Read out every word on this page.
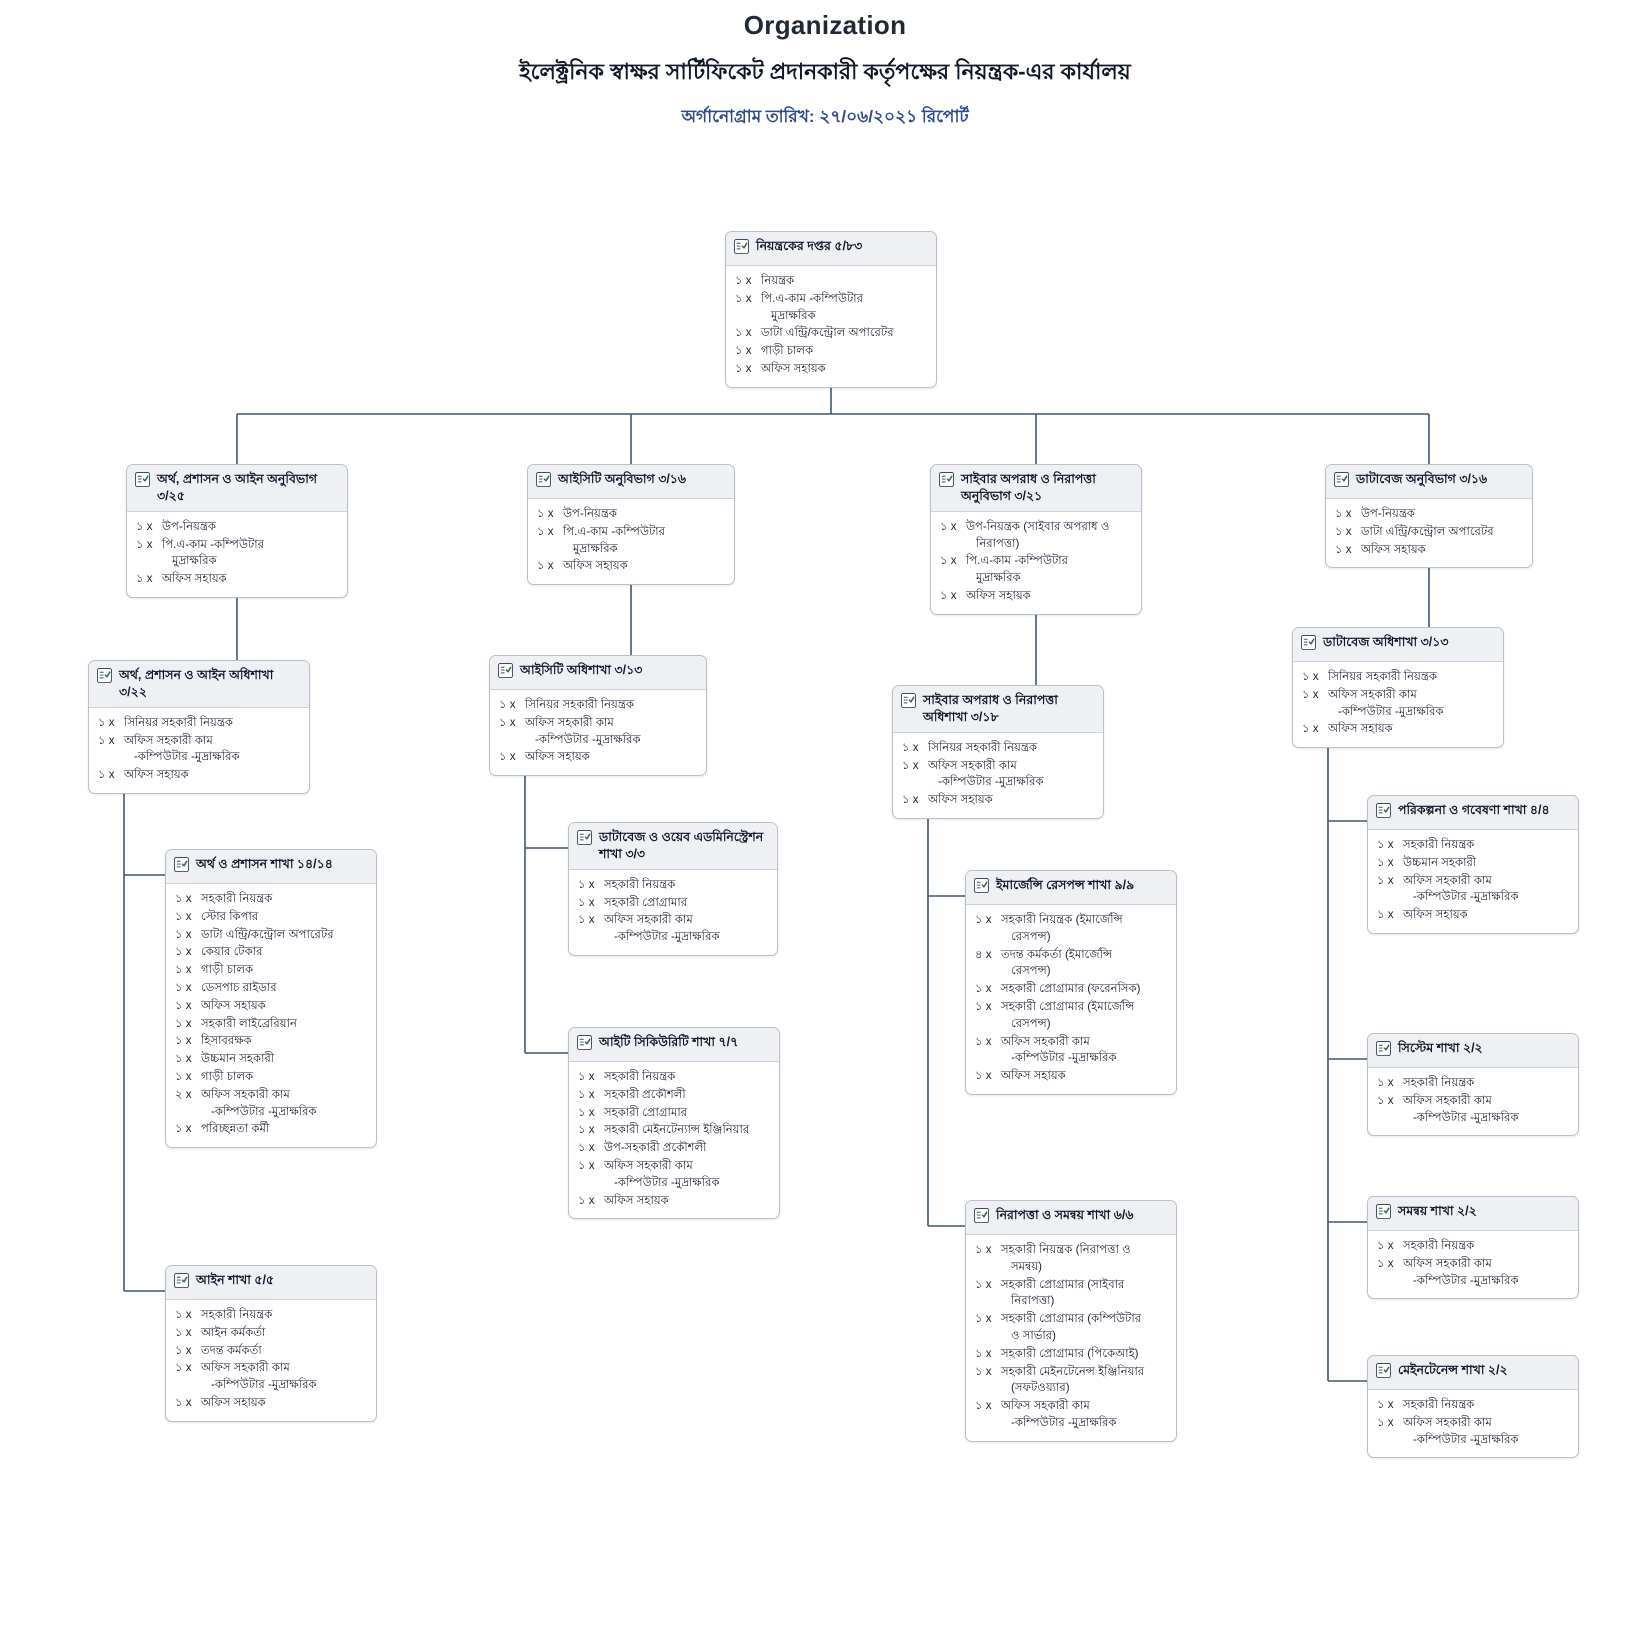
Organization
ইলেক্ট্রনিক স্বাক্ষর সার্টিফিকেট প্রদানকারী কর্তৃপক্ষের নিয়ন্ত্রক-এর কার্যালয়
অর্গানোগ্রাম তারিখ: ২৭/০৬/২০২১ রিপোর্ট
নিয়ন্ত্রকের দপ্তর ৫/৮৩
১ x নিয়ন্ত্রক
১ x পি.এ-কাম -কম্পিউটার
মুদ্রাক্ষরিক
১ x ডাটা এন্ট্রি/কন্ট্রোল অপারেটর
১ x গাড়ী চালক
১ x অফিস সহায়ক
অর্থ, প্রশাসন ও আইন অনুবিভাগ ৩/২৫
১ x উপ-নিয়ন্ত্রক
১ x পি.এ-কাম -কম্পিউটার
মুদ্রাক্ষরিক
১ x অফিস সহায়ক
আইসিটি অনুবিভাগ ৩/১৬
১ x উপ-নিয়ন্ত্রক
১ x পি.এ-কাম -কম্পিউটার
মুদ্রাক্ষরিক
১ x অফিস সহায়ক
সাইবার অপরাধ ও নিরাপত্তা অনুবিভাগ ৩/২১
১ x উপ-নিয়ন্ত্রক (সাইবার অপরাধ ও
নিরাপত্তা)
১ x পি.এ-কাম -কম্পিউটার
মুদ্রাক্ষরিক
১ x অফিস সহায়ক
ডাটাবেজ অনুবিভাগ ৩/১৬
১ x উপ-নিয়ন্ত্রক
১ x ডাটা এন্ট্রি/কন্ট্রোল অপারেটর
১ x অফিস সহায়ক
অর্থ, প্রশাসন ও আইন অধিশাখা ৩/২২
১ x সিনিয়র সহকারী নিয়ন্ত্রক
১ x অফিস সহকারী কাম
-কম্পিউটার -মুদ্রাক্ষরিক
১ x অফিস সহায়ক
আইসিটি অধিশাখা ৩/১৩
১ x সিনিয়র সহকারী নিয়ন্ত্রক
১ x অফিস সহকারী কাম
-কম্পিউটার -মুদ্রাক্ষরিক
১ x অফিস সহায়ক
সাইবার অপরাধ ও নিরাপত্তা অধিশাখা ৩/১৮
১ x সিনিয়র সহকারী নিয়ন্ত্রক
১ x অফিস সহকারী কাম
-কম্পিউটার -মুদ্রাক্ষরিক
১ x অফিস সহায়ক
ডাটাবেজ অধিশাখা ৩/১৩
১ x সিনিয়র সহকারী নিয়ন্ত্রক
১ x অফিস সহকারী কাম
-কম্পিউটার -মুদ্রাক্ষরিক
১ x অফিস সহায়ক
অর্থ ও প্রশাসন শাখা ১৪/১৪
১ x সহকারী নিয়ন্ত্রক
১ x স্টোর কিপার
১ x ডাটা এন্ট্রি/কন্ট্রোল অপারেটর
১ x কেয়ার টেকার
১ x গাড়ী চালক
১ x ডেসপাচ রাইডার
১ x অফিস সহায়ক
১ x সহকারী লাইব্রেরিয়ান
১ x হিসাবরক্ষক
১ x উচ্চমান সহকারী
১ x গাড়ী চালক
২ x অফিস সহকারী কাম
-কম্পিউটার -মুদ্রাক্ষরিক
১ x পরিচ্ছন্নতা কর্মী
আইন শাখা ৫/৫
১ x সহকারী নিয়ন্ত্রক
১ x আইন কর্মকর্তা
১ x তদন্ত কর্মকর্তা
১ x অফিস সহকারী কাম
-কম্পিউটার -মুদ্রাক্ষরিক
১ x অফিস সহায়ক
ডাটাবেজ ও ওয়েব এডমিনিস্ট্রেশন শাখা ৩/৩
১ x সহকারী নিয়ন্ত্রক
১ x সহকারী প্রোগ্রামার
১ x অফিস সহকারী কাম
-কম্পিউটার -মুদ্রাক্ষরিক
আইটি সিকিউরিটি শাখা ৭/৭
১ x সহকারী নিয়ন্ত্রক
১ x সহকারী প্রকৌশলী
১ x সহকারী প্রোগ্রামার
১ x সহকারী মেইনটেন্যান্স ইঞ্জিনিয়ার
১ x উপ-সহকারী প্রকৌশলী
১ x অফিস সহকারী কাম
-কম্পিউটার -মুদ্রাক্ষরিক
১ x অফিস সহায়ক
ইমার্জেন্সি রেসপন্স শাখা ৯/৯
১ x সহকারী নিয়ন্ত্রক (ইমার্জেন্সি
রেসপন্স)
৪ x তদন্ত কর্মকর্তা (ইমার্জেন্সি
রেসপন্স)
১ x সহকারী প্রোগ্রামার (ফরেনসিক)
১ x সহকারী প্রোগ্রামার (ইমার্জেন্সি
রেসপন্স)
১ x অফিস সহকারী কাম
-কম্পিউটার -মুদ্রাক্ষরিক
১ x অফিস সহায়ক
নিরাপত্তা ও সমন্বয় শাখা ৬/৬
১ x সহকারী নিয়ন্ত্রক (নিরাপত্তা ও
সমন্বয়)
১ x সহকারী প্রোগ্রামার (সাইবার
নিরাপত্তা)
১ x সহকারী প্রোগ্রামার (কম্পিউটার
ও সার্ভার)
১ x সহকারী প্রোগ্রামার (পিকেআই)
১ x সহকারী মেইনটেনেন্স ইঞ্জিনিয়ার
(সফটওয়্যার)
১ x অফিস সহকারী কাম
-কম্পিউটার -মুদ্রাক্ষরিক
পরিকল্পনা ও গবেষণা শাখা ৪/৪
১ x সহকারী নিয়ন্ত্রক
১ x উচ্চমান সহকারী
১ x অফিস সহকারী কাম
-কম্পিউটার -মুদ্রাক্ষরিক
১ x অফিস সহায়ক
সিস্টেম শাখা ২/২
১ x সহকারী নিয়ন্ত্রক
১ x অফিস সহকারী কাম
-কম্পিউটার -মুদ্রাক্ষরিক
সমন্বয় শাখা ২/২
১ x সহকারী নিয়ন্ত্রক
১ x অফিস সহকারী কাম
-কম্পিউটার -মুদ্রাক্ষরিক
মেইনটেনেন্স শাখা ২/২
১ x সহকারী নিয়ন্ত্রক
১ x অফিস সহকারী কাম
-কম্পিউটার -মুদ্রাক্ষরিক
